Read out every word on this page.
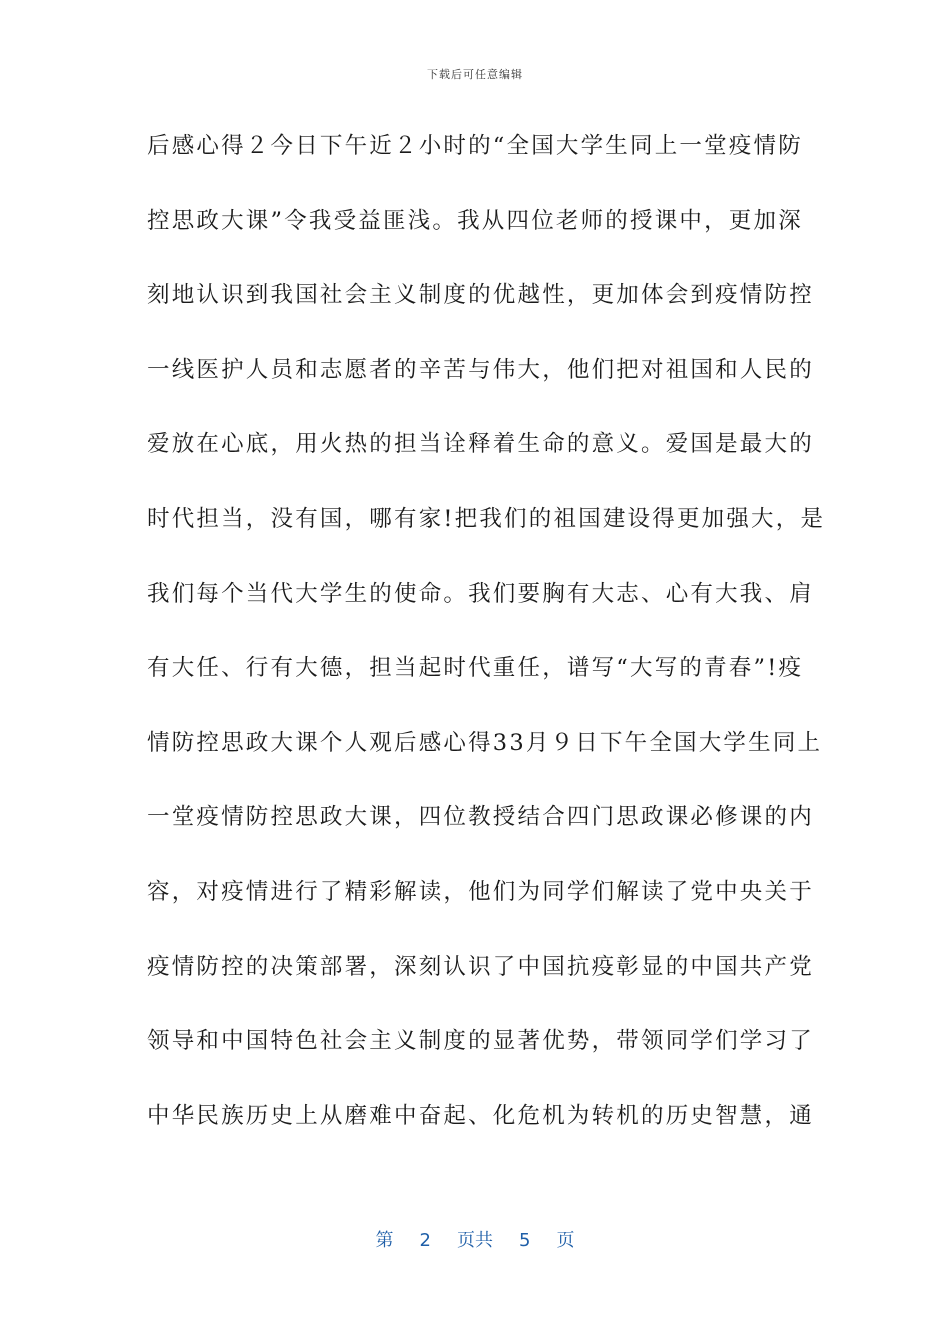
下载后可任意编辑
后感心得２今日下午近２小时的“全国大学生同上一堂疫情防
控思政大课”令我受益匪浅。我从四位老师的授课中，更加深
刻地认识到我国社会主义制度的优越性，更加体会到疫情防控
一线医护人员和志愿者的辛苦与伟大，他们把对祖国和人民的
爱放在心底，用火热的担当诠释着生命的意义。爱国是最大的
时代担当，没有国，哪有家!把我们的祖国建设得更加强大，是
我们每个当代大学生的使命。我们要胸有大志、心有大我、肩
有大任、行有大德，担当起时代重任，谱写“大写的青春”!疫
情防控思政大课个人观后感心得33月９日下午全国大学生同上
一堂疫情防控思政大课，四位教授结合四门思政课必修课的内
容，对疫情进行了精彩解读，他们为同学们解读了党中央关于
疫情防控的决策部署，深刻认识了中国抗疫彰显的中国共产党
领导和中国特色社会主义制度的显著优势，带领同学们学习了
中华民族历史上从磨难中奋起、化危机为转机的历史智慧，通
第 2 页共 5 页
